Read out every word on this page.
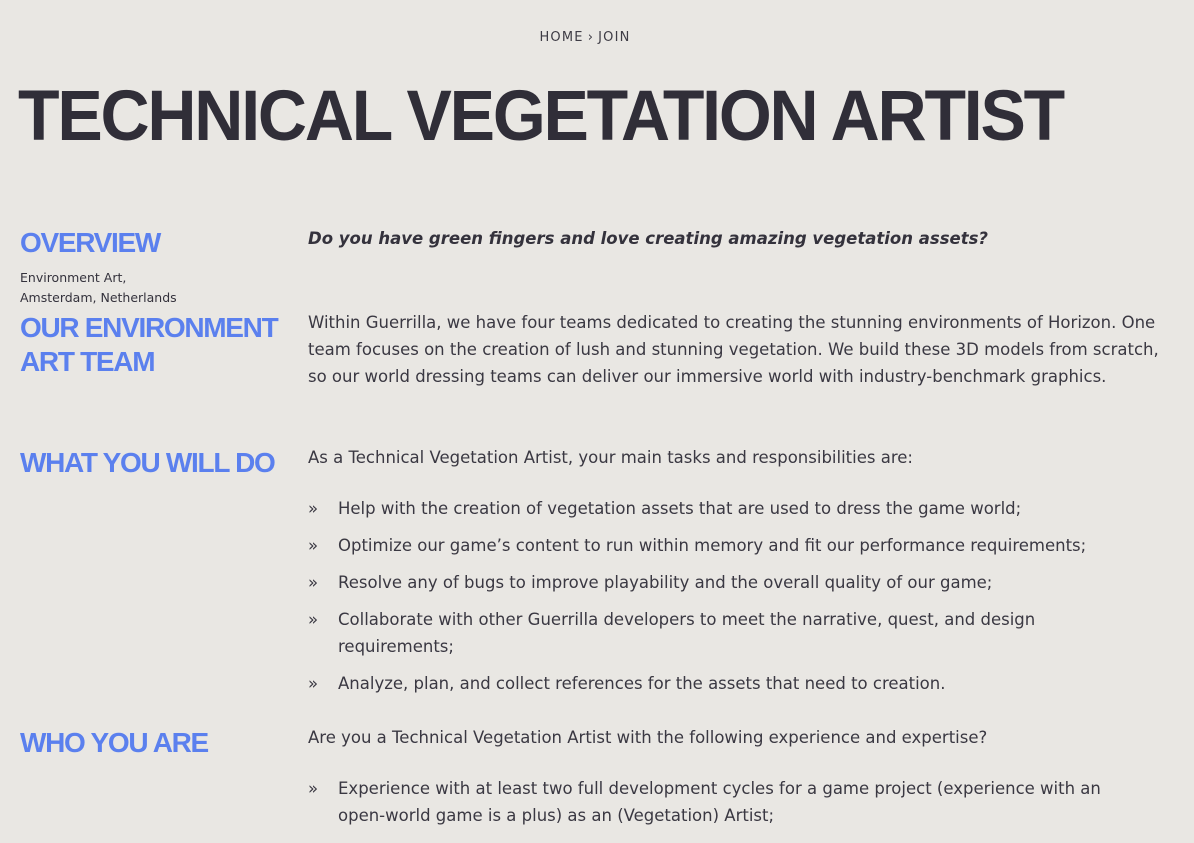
HOME › JOIN
TECHNICAL VEGETATION ARTIST
OVERVIEW
Environment Art,
Amsterdam, Netherlands

Do you have green fingers and love creating amazing vegetation assets?

OUR ENVIRONMENT
ART TEAM

Within Guerrilla, we have four teams dedicated to creating the stunning environments of Horizon. One team focuses on the creation of lush and stunning vegetation. We build these 3D models from scratch, so our world dressing teams can deliver our immersive world with industry-benchmark graphics.

WHAT YOU WILL DO As a Technical Vegetation Artist, your main tasks and responsibilities are:

» Help with the creation of vegetation assets that are used to dress the game world;
» Optimize our game’s content to run within memory and fit our performance requirements;
» Resolve any of bugs to improve playability and the overall quality of our game;
» Collaborate with other Guerrilla developers to meet the narrative, quest, and design requirements;
» Analyze, plan, and collect references for the assets that need to creation.
WHO YOU ARE	Are you a Technical Vegetation Artist with the following experience and expertise?

» Experience with at least two full development cycles for a game project (experience with an open-world game is a plus) as an (Vegetation) Artist;
